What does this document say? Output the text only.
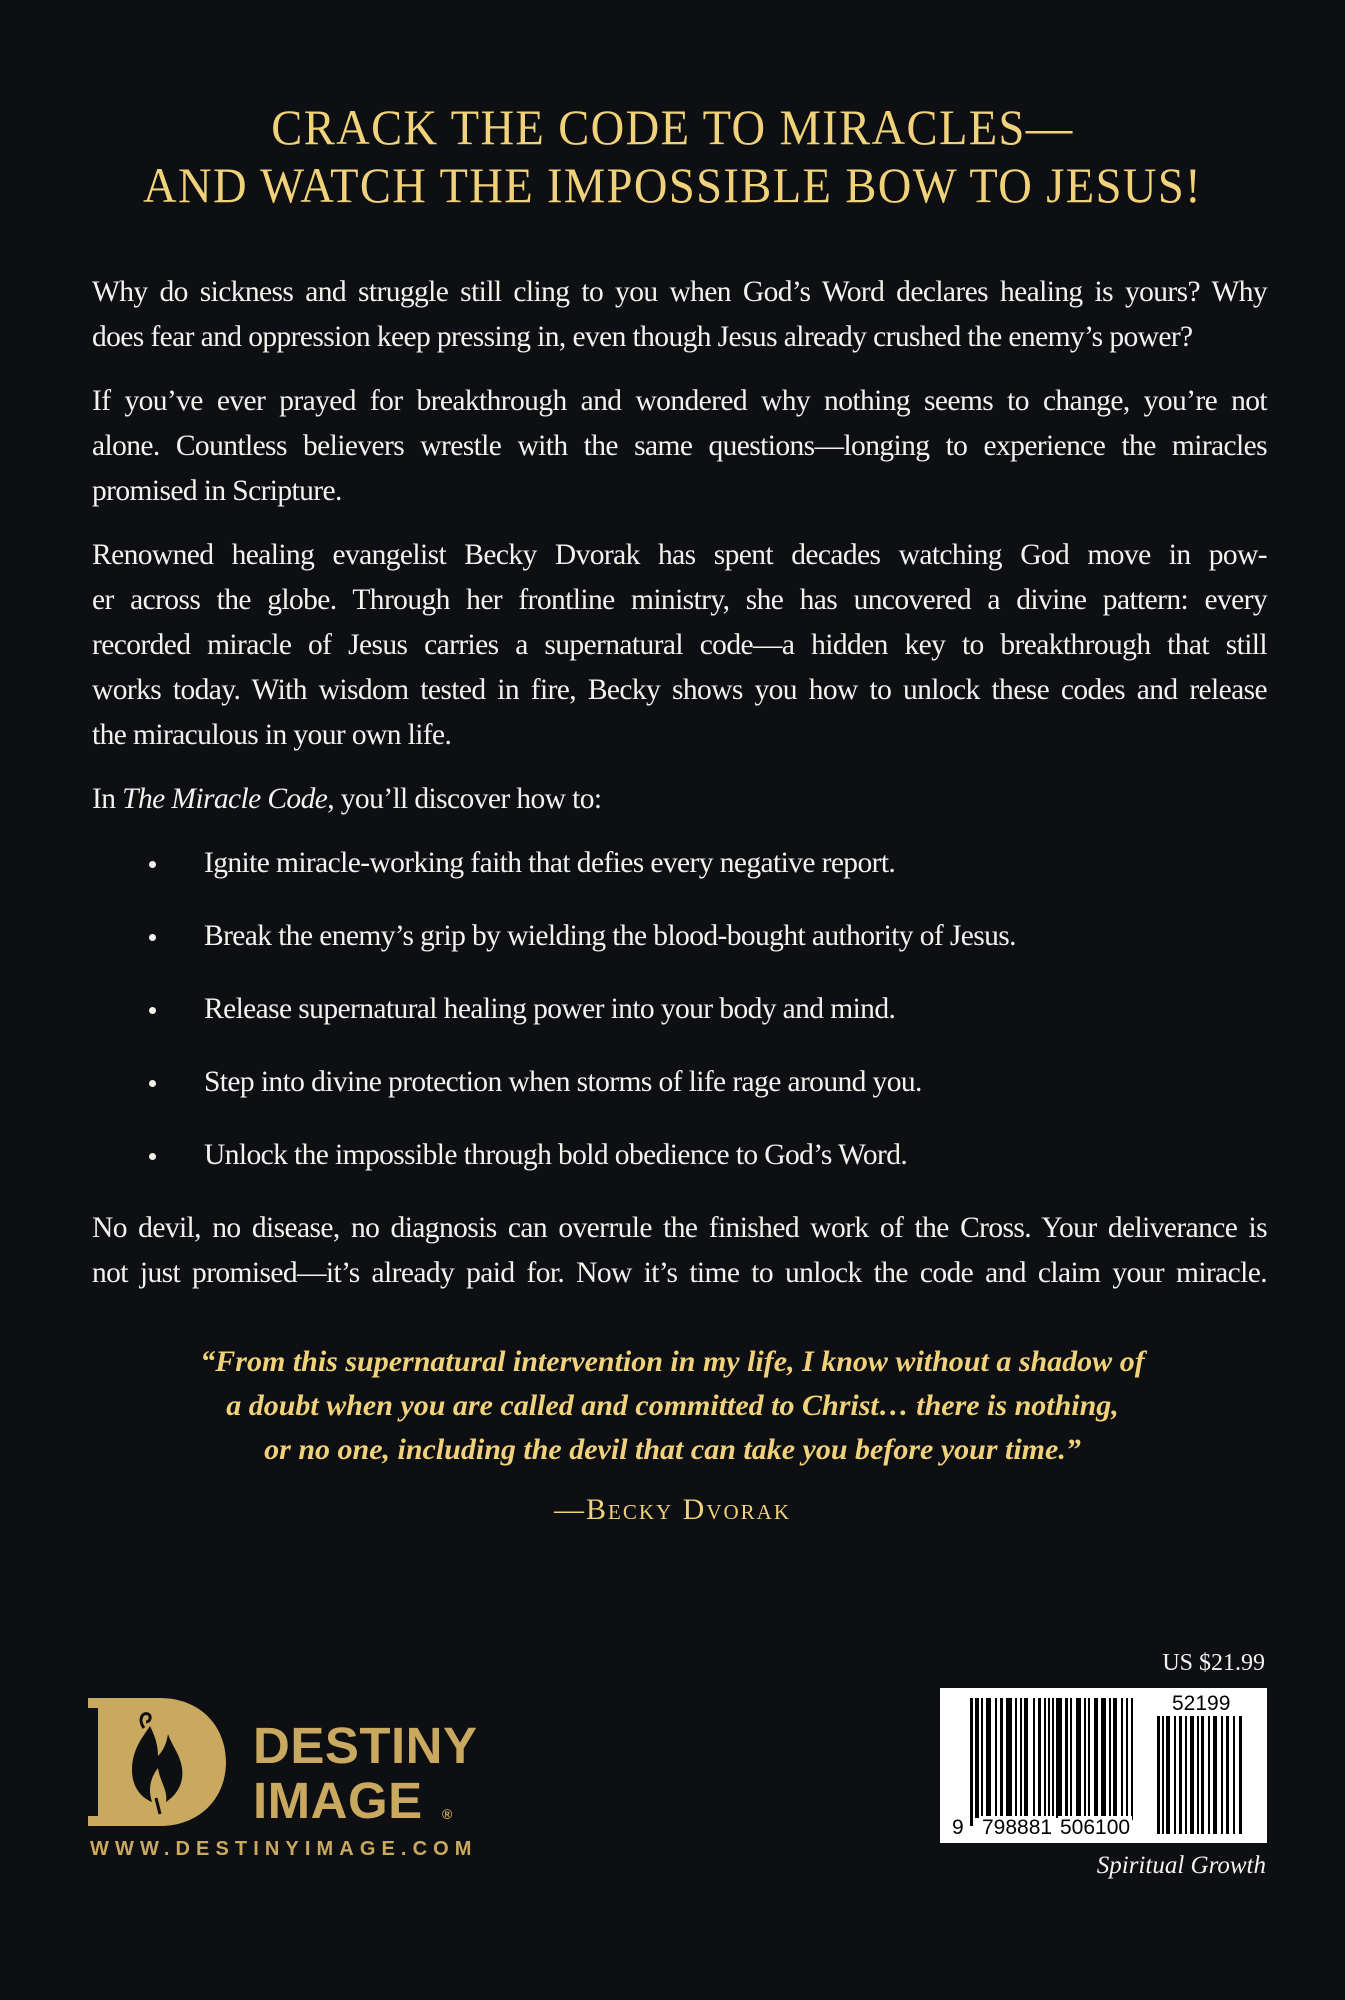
CRACK THE CODE TO MIRACLES—
AND WATCH THE IMPOSSIBLE BOW TO JESUS!

Why do sickness and struggle still cling to you when God’s Word declares healing is yours? Why
does fear and oppression keep pressing in, even though Jesus already crushed the enemy’s power?

If you’ve ever prayed for breakthrough and wondered why nothing seems to change, you’re not
alone. Countless believers wrestle with the same questions—longing to experience the miracles
promised in Scripture.

Renowned healing evangelist Becky Dvorak has spent decades watching God move in pow-
er across the globe. Through her frontline ministry, she has uncovered a divine pattern: every
recorded miracle of Jesus carries a supernatural code—a hidden key to breakthrough that still
works today. With wisdom tested in fire, Becky shows you how to unlock these codes and release
the miraculous in your own life.

In The Miracle Code, you’ll discover how to:

Ignite miracle-working faith that defies every negative report.
Break the enemy’s grip by wielding the blood-bought authority of Jesus.
Release supernatural healing power into your body and mind.
Step into divine protection when storms of life rage around you.
Unlock the impossible through bold obedience to God’s Word.

No devil, no disease, no diagnosis can overrule the finished work of the Cross. Your deliverance is
not just promised—it’s already paid for. Now it’s time to unlock the code and claim your miracle.

“From this supernatural intervention in my life, I know without a shadow of
a doubt when you are called and committed to Christ… there is nothing,
or no one, including the devil that can take you before your time.”
—Becky Dvorak
DESTINY
IMAGE	®
WWW.DESTINYIMAGE.COM
US $21.99
9 798881 506100
52199
Spiritual Growth
